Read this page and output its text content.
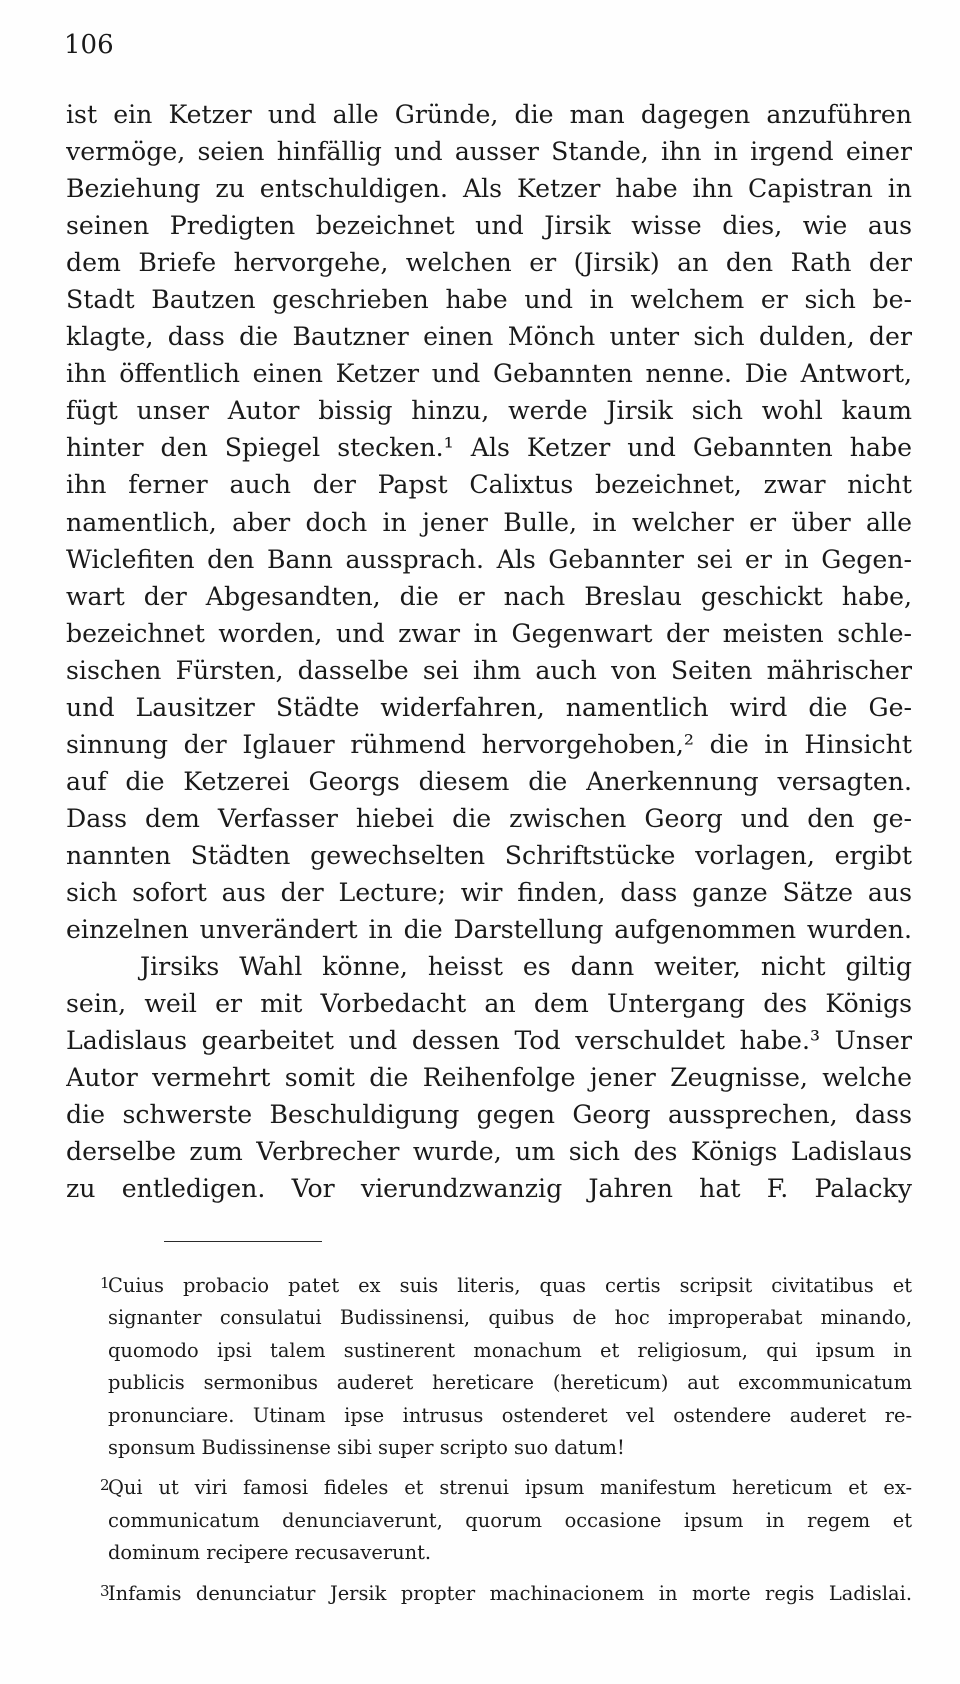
106
ist ein Ketzer und alle Gründe, die man dagegen anzuführen
vermöge, seien hinfällig und ausser Stande, ihn in irgend einer
Beziehung zu entschuldigen. Als Ketzer habe ihn Capistran in
seinen Predigten bezeichnet und Jirsik wisse dies, wie aus
dem Briefe hervorgehe, welchen er (Jirsik) an den Rath der
Stadt Bautzen geschrieben habe und in welchem er sich be-
klagte, dass die Bautzner einen Mönch unter sich dulden, der
ihn öffentlich einen Ketzer und Gebannten nenne. Die Antwort,
fügt unser Autor bissig hinzu, werde Jirsik sich wohl kaum
hinter den Spiegel stecken.¹ Als Ketzer und Gebannten habe
ihn ferner auch der Papst Calixtus bezeichnet, zwar nicht
namentlich, aber doch in jener Bulle, in welcher er über alle
Wiclefiten den Bann aussprach. Als Gebannter sei er in Gegen-
wart der Abgesandten, die er nach Breslau geschickt habe,
bezeichnet worden, und zwar in Gegenwart der meisten schle-
sischen Fürsten, dasselbe sei ihm auch von Seiten mährischer
und Lausitzer Städte widerfahren, namentlich wird die Ge-
sinnung der Iglauer rühmend hervorgehoben,² die in Hinsicht
auf die Ketzerei Georgs diesem die Anerkennung versagten.
Dass dem Verfasser hiebei die zwischen Georg und den ge-
nannten Städten gewechselten Schriftstücke vorlagen, ergibt
sich sofort aus der Lecture; wir finden, dass ganze Sätze aus
einzelnen unverändert in die Darstellung aufgenommen wurden.
Jirsiks Wahl könne, heisst es dann weiter, nicht giltig
sein, weil er mit Vorbedacht an dem Untergang des Königs
Ladislaus gearbeitet und dessen Tod verschuldet habe.³ Unser
Autor vermehrt somit die Reihenfolge jener Zeugnisse, welche
die schwerste Beschuldigung gegen Georg aussprechen, dass
derselbe zum Verbrecher wurde, um sich des Königs Ladislaus
zu entledigen. Vor vierundzwanzig Jahren hat F. Palacky
1
Cuius probacio patet ex suis literis, quas certis scripsit civitatibus et
signanter consulatui Budissinensi, quibus de hoc improperabat minando,
quomodo ipsi talem sustinerent monachum et religiosum, qui ipsum in
publicis sermonibus auderet hereticare (hereticum) aut excommunicatum
pronunciare. Utinam ipse intrusus ostenderet vel ostendere auderet re-
sponsum Budissinense sibi super scripto suo datum!
2
Qui ut viri famosi fideles et strenui ipsum manifestum hereticum et ex-
communicatum denunciaverunt, quorum occasione ipsum in regem et
dominum recipere recusaverunt.
3
Infamis denunciatur Jersik propter machinacionem in morte regis Ladislai.
